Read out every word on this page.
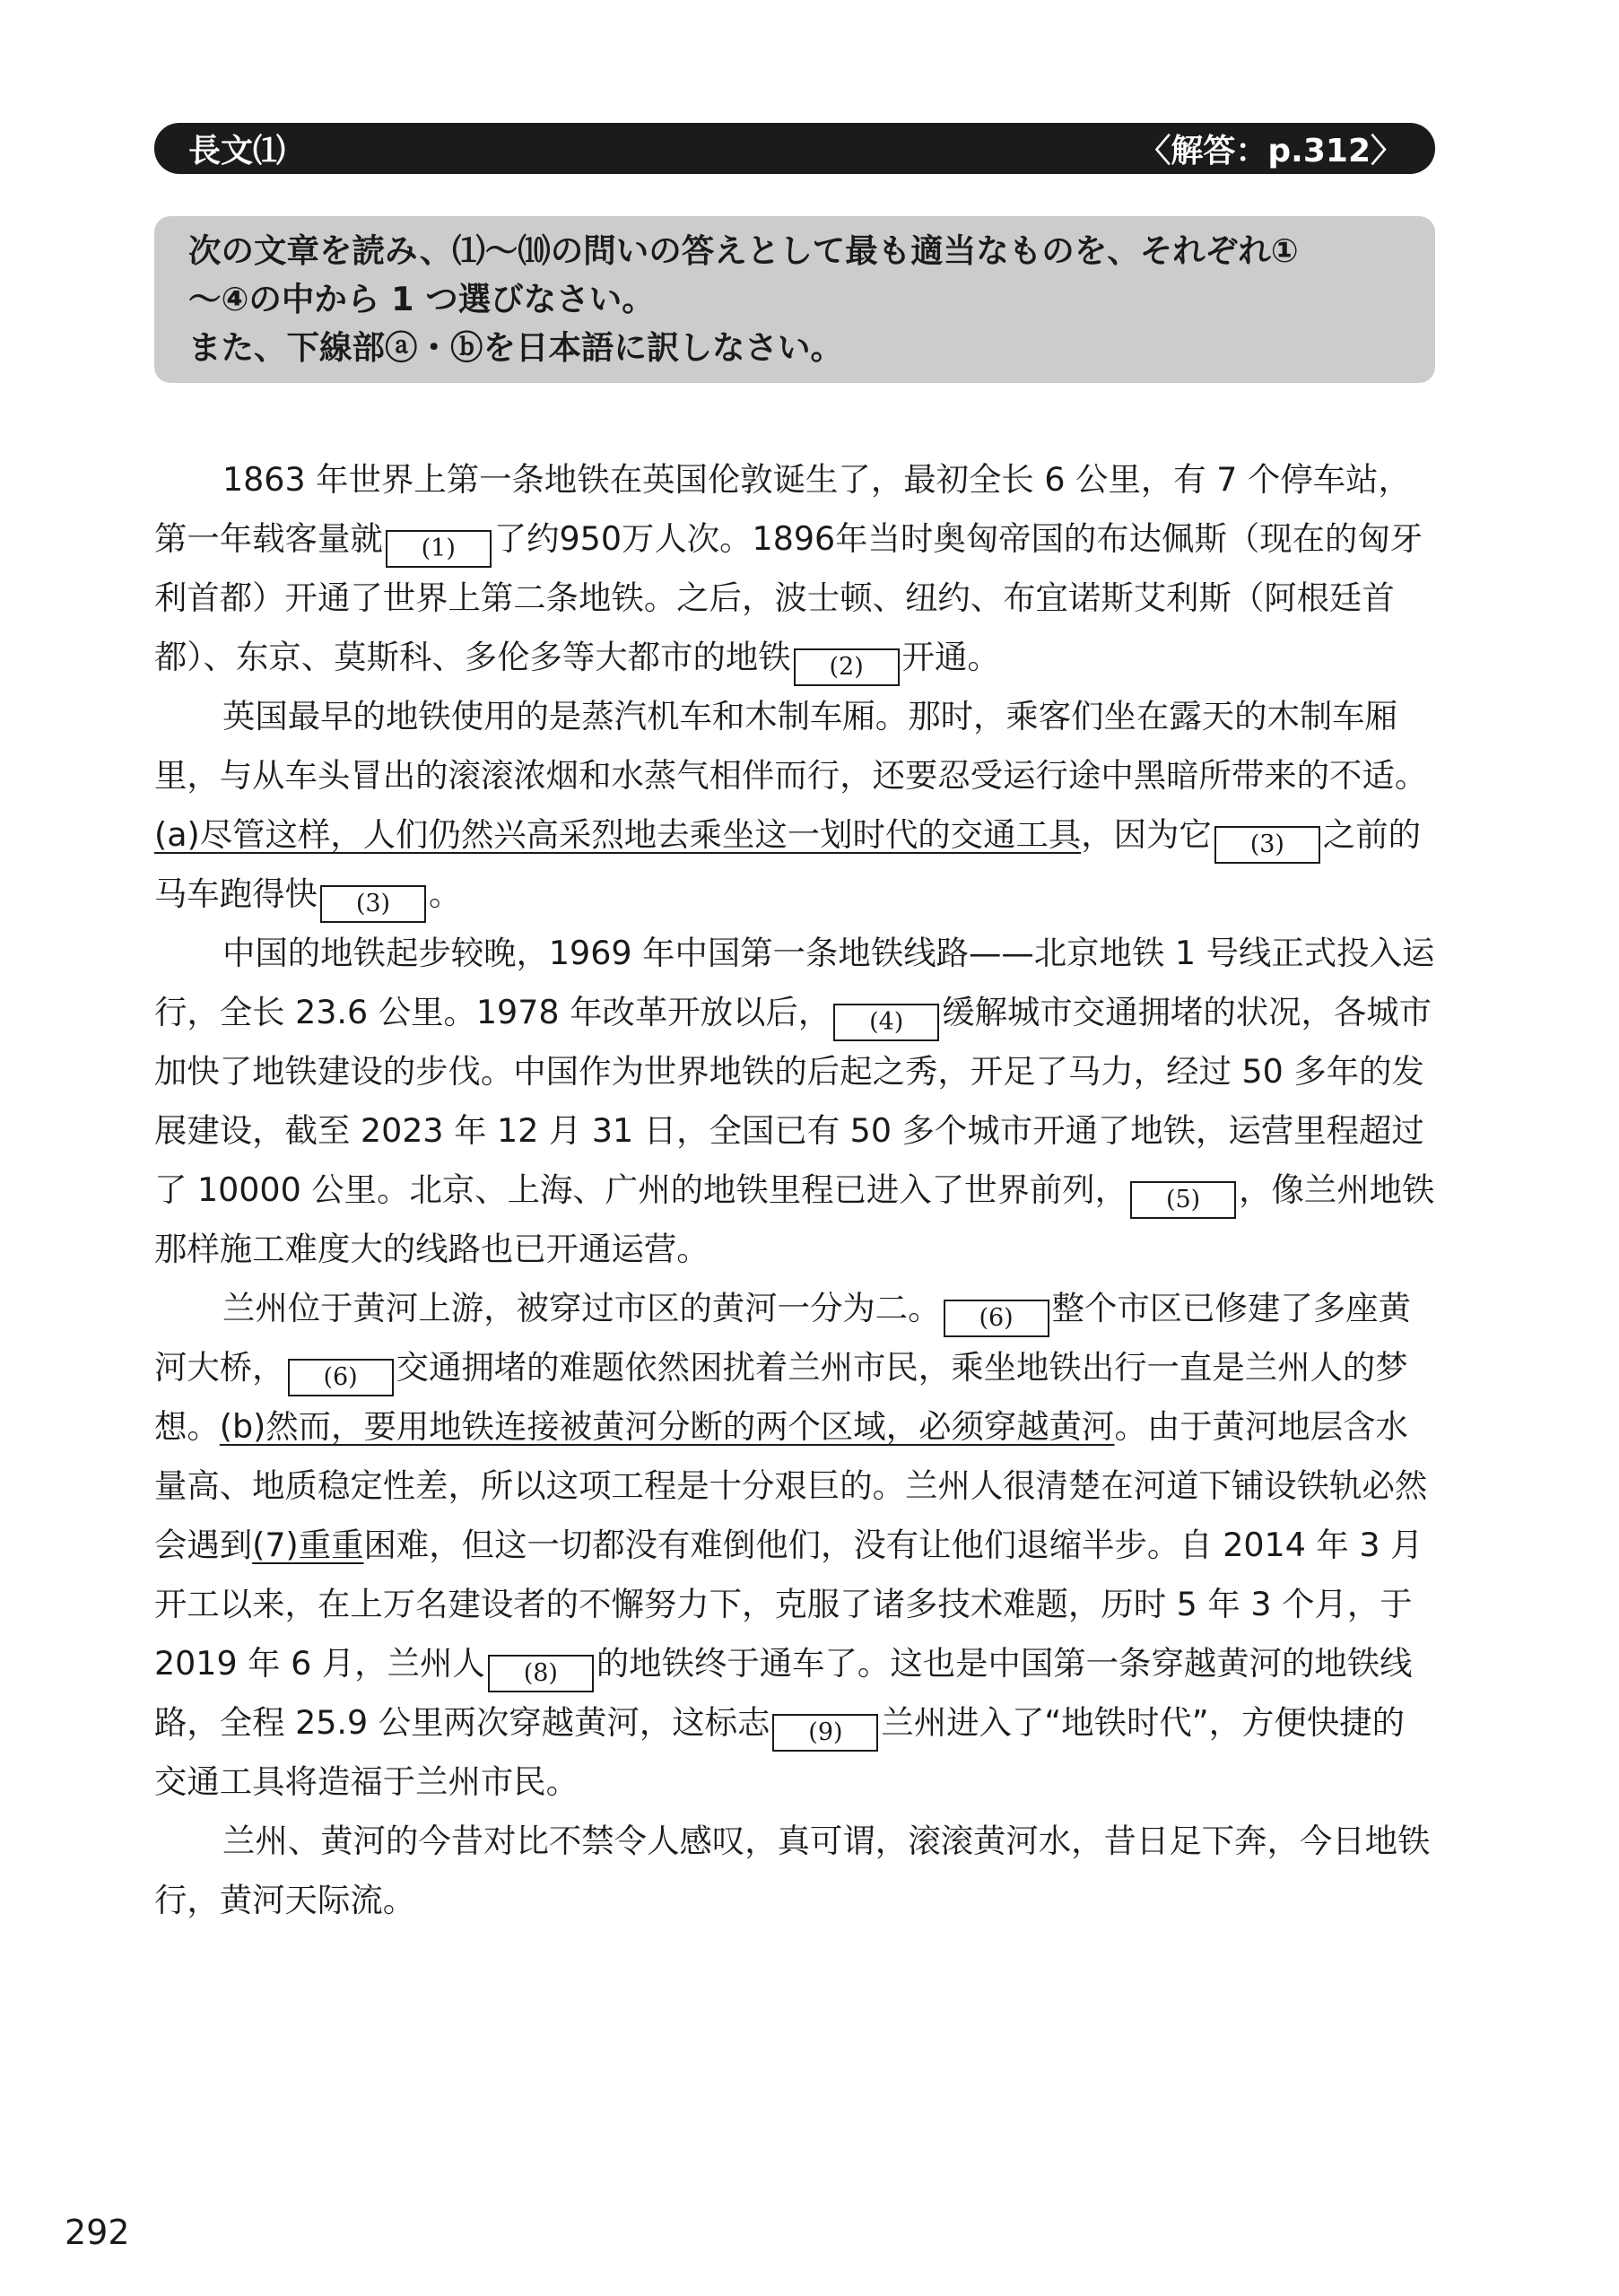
長文⑴	〈解答：p.312〉
次の文章を読み、⑴〜⑽の問いの答えとして最も適当なものを、それぞれ①
〜④の中から 1 つ選びなさい。
また、下線部ⓐ・ⓑを日本語に訳しなさい。

1863 年世界上第一条地铁在英国伦敦诞生了，最初全长 6 公里，有 7 个停车站，第一年载客量就 (1) 了约950万人次。1896年当时奥匈帝国的布达佩斯（现在的匈牙利首都）开通了世界上第二条地铁。之后，波士顿、纽约、布宜诺斯艾利斯（阿根廷首都）、东京、莫斯科、多伦多等大都市的地铁 (2) 开通。

英国最早的地铁使用的是蒸汽机车和木制车厢。那时，乘客们坐在露天的木制车厢里，与从车头冒出的滚滚浓烟和水蒸气相伴而行，还要忍受运行途中黑暗所带来的不适。(a)尽管这样，人们仍然兴高采烈地去乘坐这一划时代的交通工具，因为它 (3) 之前的马车跑得快 (3) 。

中国的地铁起步较晚，1969 年中国第一条地铁线路——北京地铁 1 号线正式投入运行，全长 23.6 公里。1978 年改革开放以后， (4) 缓解城市交通拥堵的状况，各城市加快了地铁建设的步伐。中国作为世界地铁的后起之秀，开足了马力，经过 50 多年的发展建设，截至 2023 年 12 月 31 日，全国已有 50 多个城市开通了地铁，运营里程超过了 10000 公里。北京、上海、广州的地铁里程已进入了世界前列， (5) ，像兰州地铁那样施工难度大的线路也已开通运营。

兰州位于黄河上游，被穿过市区的黄河一分为二。 (6) 整个市区已修建了多座黄河大桥， (6) 交通拥堵的难题依然困扰着兰州市民，乘坐地铁出行一直是兰州人的梦想。(b)然而，要用地铁连接被黄河分断的两个区域，必须穿越黄河。由于黄河地层含水量高、地质稳定性差，所以这项工程是十分艰巨的。兰州人很清楚在河道下铺设铁轨必然会遇到(7)重重困难，但这一切都没有难倒他们，没有让他们退缩半步。自 2014 年 3 月开工以来，在上万名建设者的不懈努力下，克服了诸多技术难题，历时 5 年 3 个月，于 2019 年 6 月，兰州人 (8) 的地铁终于通车了。这也是中国第一条穿越黄河的地铁线路，全程 25.9 公里两次穿越黄河，这标志 (9) 兰州进入了“地铁时代”，方便快捷的交通工具将造福于兰州市民。

兰州、黄河的今昔对比不禁令人感叹，真可谓，滚滚黄河水，昔日足下奔，今日地铁行，黄河天际流。

292
